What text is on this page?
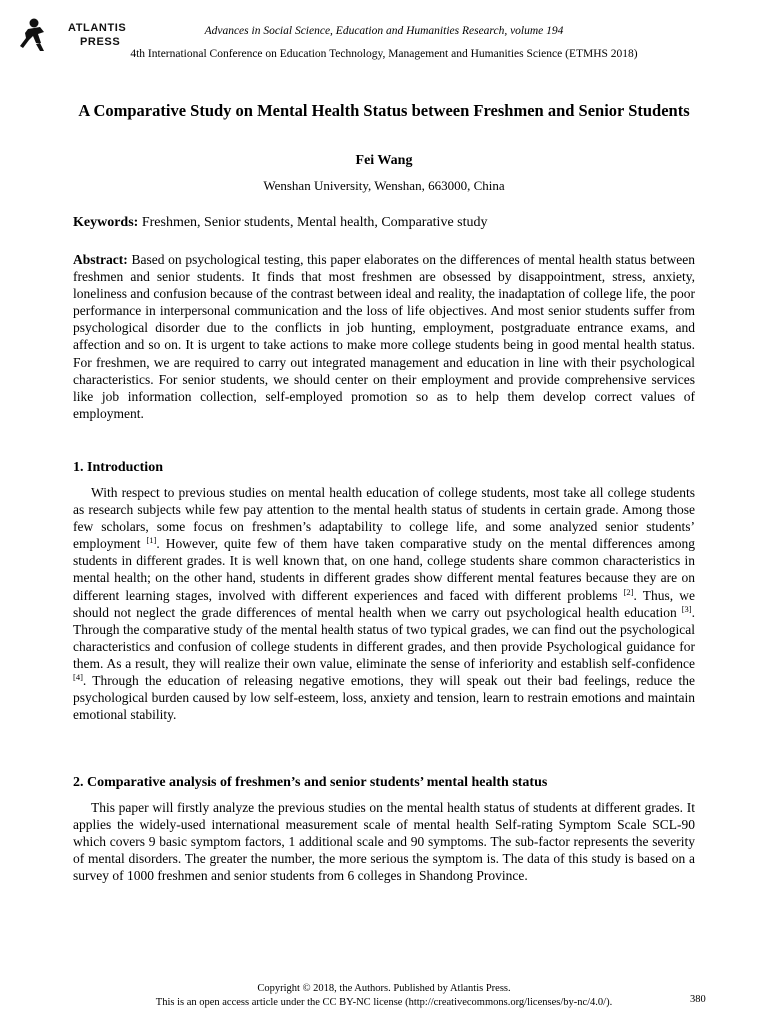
ATLANTIS
PRESS
Advances in Social Science, Education and Humanities Research, volume 194
4th International Conference on Education Technology, Management and Humanities Science (ETMHS 2018)
A Comparative Study on Mental Health Status between Freshmen and Senior Students
Fei Wang
Wenshan University, Wenshan, 663000, China
Keywords: Freshmen, Senior students, Mental health, Comparative study

Abstract: Based on psychological testing, this paper elaborates on the differences of mental health status between freshmen and senior students. It finds that most freshmen are obsessed by disappointment, stress, anxiety, loneliness and confusion because of the contrast between ideal and reality, the inadaptation of college life, the poor performance in interpersonal communication and the loss of life objectives. And most senior students suffer from psychological disorder due to the conflicts in job hunting, employment, postgraduate entrance exams, and affection and so on. It is urgent to take actions to make more college students being in good mental health status. For freshmen, we are required to carry out integrated management and education in line with their psychological characteristics. For senior students, we should center on their employment and provide comprehensive services like job information collection, self-employed promotion so as to help them develop correct values of employment.

1. Introduction

With respect to previous studies on mental health education of college students, most take all college students as research subjects while few pay attention to the mental health status of students in certain grade. Among those few scholars, some focus on freshmen’s adaptability to college life, and some analyzed senior students’ employment [1]. However, quite few of them have taken comparative study on the mental differences among students in different grades. It is well known that, on one hand, college students share common characteristics in mental health; on the other hand, students in different grades show different mental features because they are on different learning stages, involved with different experiences and faced with different problems [2]. Thus, we should not neglect the grade differences of mental health when we carry out psychological health education [3]. Through the comparative study of the mental health status of two typical grades, we can find out the psychological characteristics and confusion of college students in different grades, and then provide Psychological guidance for them. As a result, they will realize their own value, eliminate the sense of inferiority and establish self-confidence [4]. Through the education of releasing negative emotions, they will speak out their bad feelings, reduce the psychological burden caused by low self-esteem, loss, anxiety and tension, learn to restrain emotions and maintain emotional stability.

2. Comparative analysis of freshmen’s and senior students’ mental health status

This paper will firstly analyze the previous studies on the mental health status of students at different grades. It applies the widely-used international measurement scale of mental health Self-rating Symptom Scale SCL-90 which covers 9 basic symptom factors, 1 additional scale and 90 symptoms. The sub-factor represents the severity of mental disorders. The greater the number, the more serious the symptom is. The data of this study is based on a survey of 1000 freshmen and senior students from 6 colleges in Shandong Province.

Copyright © 2018, the Authors. Published by Atlantis Press.
This is an open access article under the CC BY-NC license (http://creativecommons.org/licenses/by-nc/4.0/).	380
